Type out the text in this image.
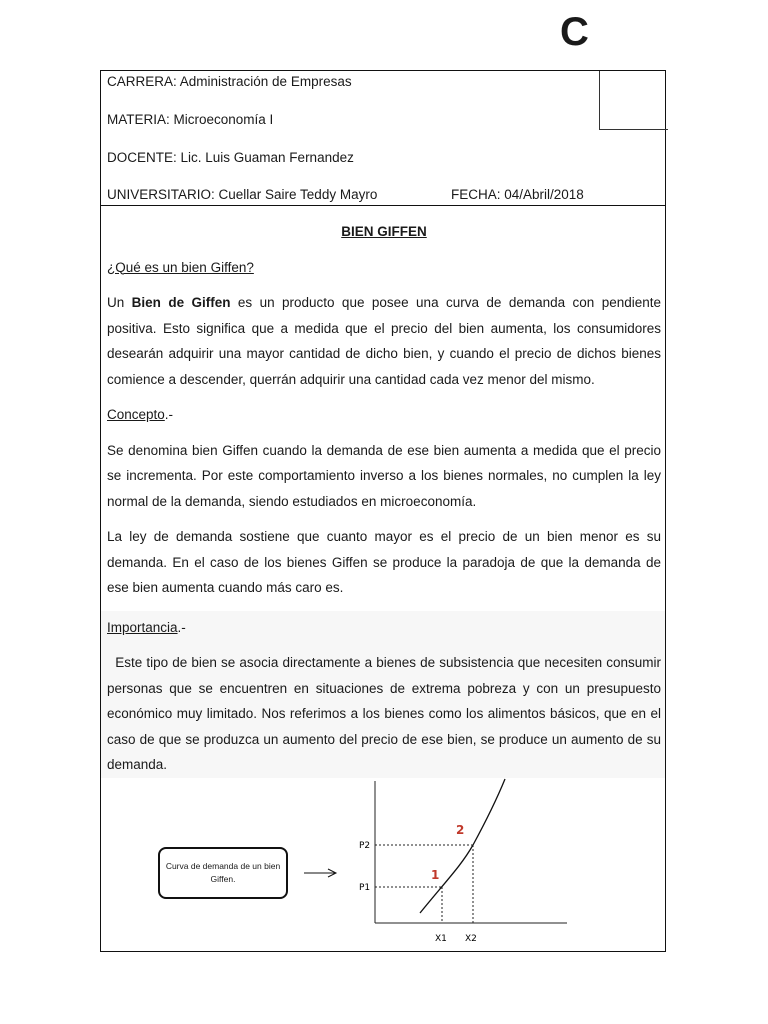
CARRERA: Administración de Empresas
MATERIA: Microeconomía I
DOCENTE: Lic. Luis Guaman Fernandez
UNIVERSITARIO: Cuellar Saire Teddy Mayro	FECHA: 04/Abril/2018
BIEN GIFFEN
¿Qué es un bien Giffen?

Un Bien de Giffen es un producto que posee una curva de demanda con pendiente positiva. Esto significa que a medida que el precio del bien aumenta, los consumidores desearán adquirir una mayor cantidad de dicho bien, y cuando el precio de dichos bienes comience a descender, querrán adquirir una cantidad cada vez menor del mismo.

Concepto.-

Se denomina bien Giffen cuando la demanda de ese bien aumenta a medida que el precio se incrementa. Por este comportamiento inverso a los bienes normales, no cumplen la ley normal de la demanda, siendo estudiados en microeconomía.

La ley de demanda sostiene que cuanto mayor es el precio de un bien menor es su demanda. En el caso de los bienes Giffen se produce la paradoja de que la demanda de ese bien aumenta cuando más caro es.

Importancia.-

Este tipo de bien se asocia directamente a bienes de subsistencia que necesiten consumir personas que se encuentren en situaciones de extrema pobreza y con un presupuesto económico muy limitado. Nos referimos a los bienes como los alimentos básicos, que en el caso de que se produzca un aumento del precio de ese bien, se produce un aumento de su demanda.

Curva de demanda de un bien Giffen.
P2
P1
X1 X2
1
2
C
